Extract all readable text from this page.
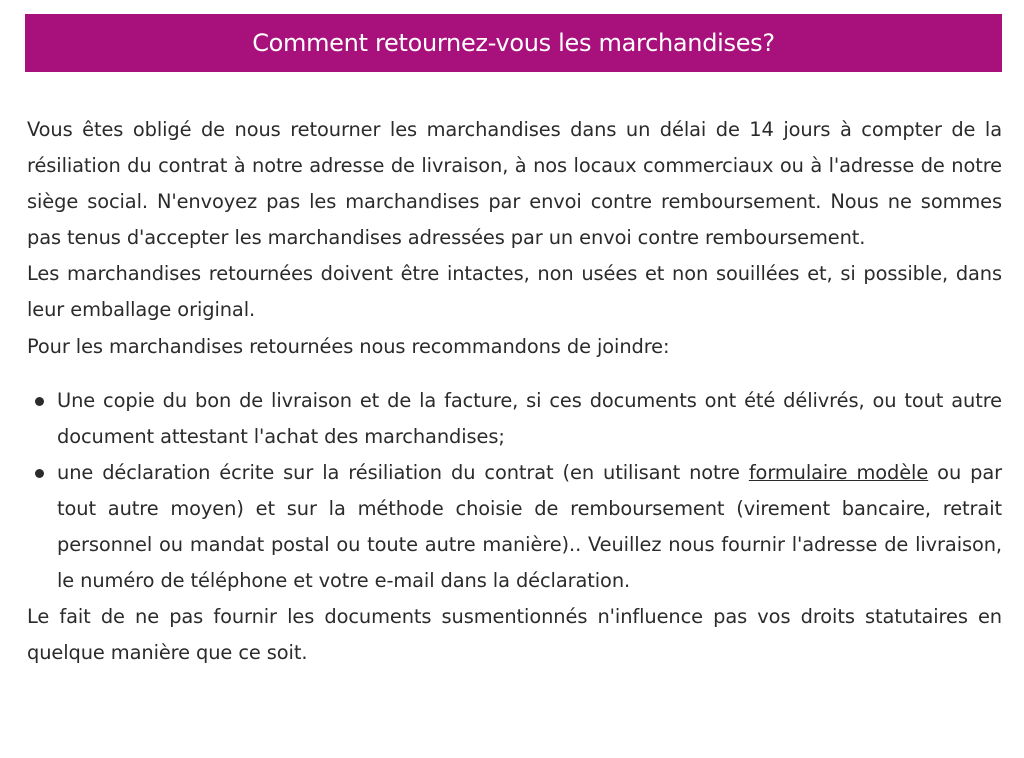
Comment retournez-vous les marchandises?

Vous êtes obligé de nous retourner les marchandises dans un délai de 14 jours à compter de la résiliation du contrat à notre adresse de livraison, à nos locaux commerciaux ou à l'adresse de notre siège social. N'envoyez pas les marchandises par envoi contre remboursement. Nous ne sommes pas tenus d'accepter les marchandises adressées par un envoi contre remboursement.

Les marchandises retournées doivent être intactes, non usées et non souillées et, si possible, dans leur emballage original.

Pour les marchandises retournées nous recommandons de joindre:

Une copie du bon de livraison et de la facture, si ces documents ont été délivrés, ou tout autre document attestant l'achat des marchandises;
une déclaration écrite sur la résiliation du contrat (en utilisant notre formulaire modèle ou par tout autre moyen) et sur la méthode choisie de remboursement (virement bancaire, retrait personnel ou mandat postal ou toute autre manière).. Veuillez nous fournir l'adresse de livraison, le numéro de téléphone et votre e-mail dans la déclaration.

Le fait de ne pas fournir les documents susmentionnés n'influence pas vos droits statutaires en quelque manière que ce soit.
